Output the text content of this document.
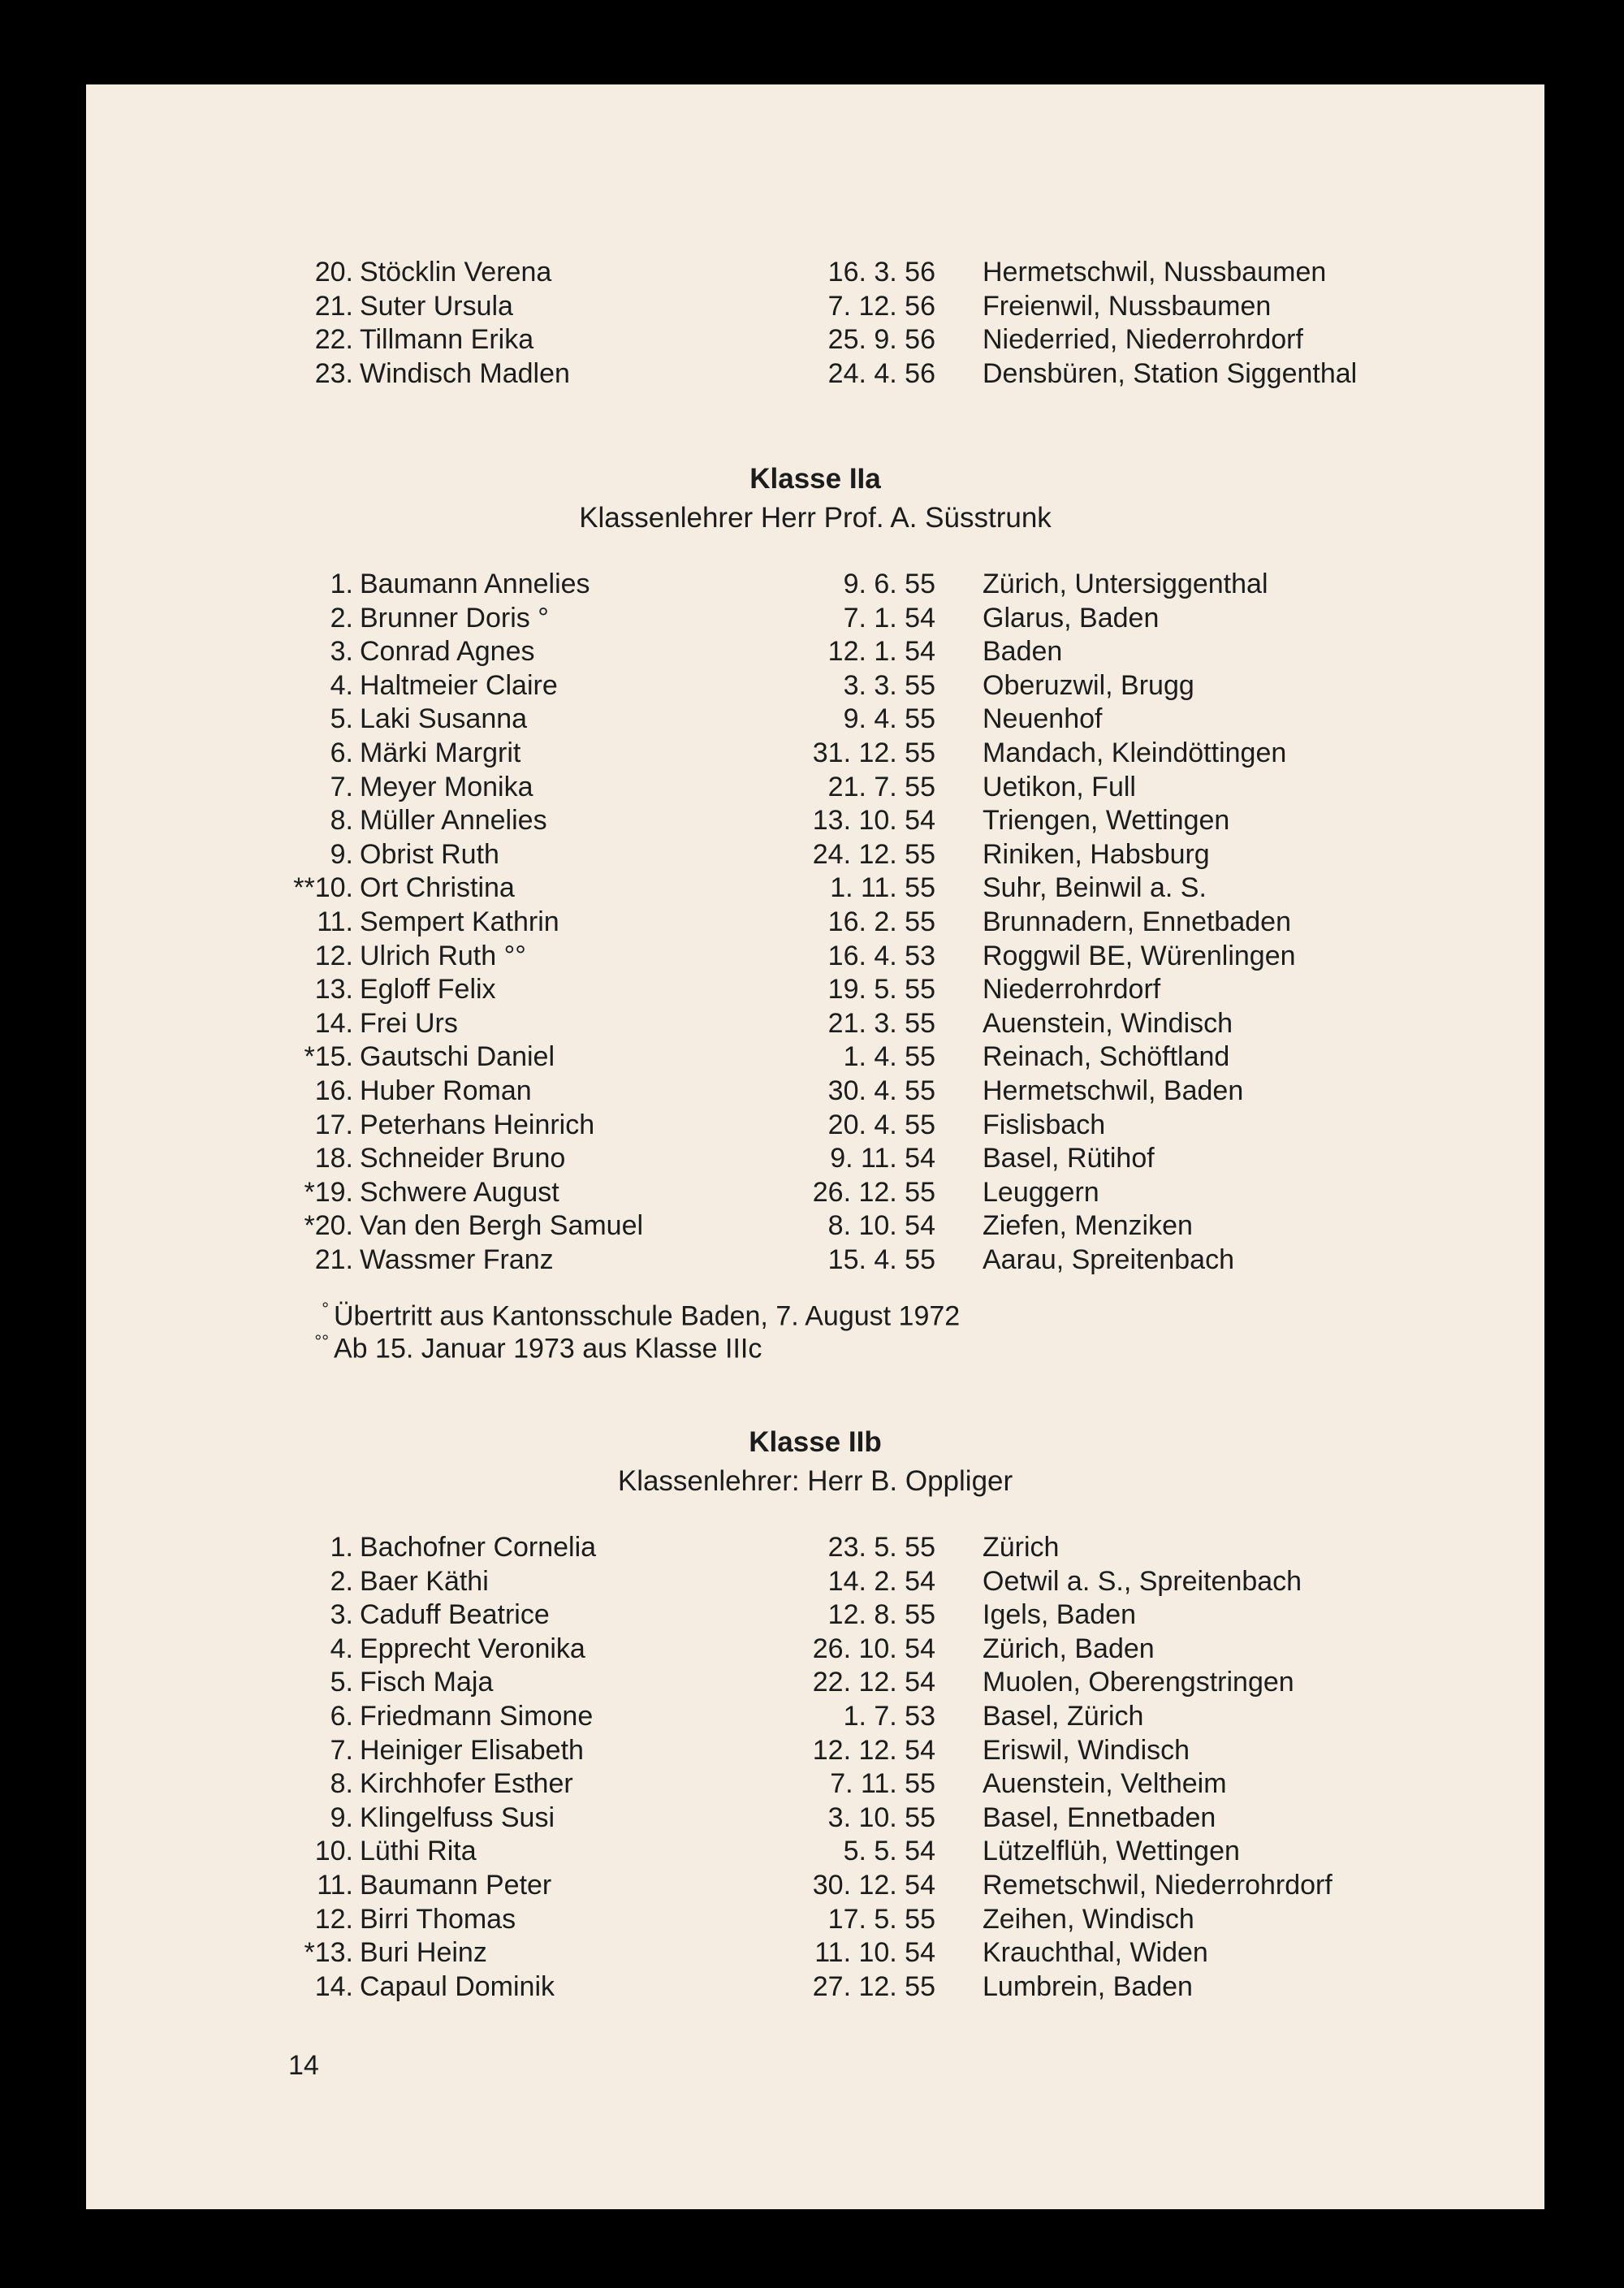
20. Stöcklin Verena	16. 3. 56 Hermetschwil, Nussbaumen
21. Suter Ursula	7. 12. 56 Freienwil, Nussbaumen
22. Tillmann Erika	25. 9. 56 Niederried, Niederrohrdorf
23. Windisch Madlen	24. 4. 56 Densbüren, Station Siggenthal
Klasse IIa
Klassenlehrer Herr Prof. A. Süsstrunk
1. Baumann Annelies	9. 6. 55 Zürich, Untersiggenthal
2. Brunner Doris °	7. 1. 54 Glarus, Baden
3. Conrad Agnes	12. 1. 54 Baden
4. Haltmeier Claire	3. 3. 55 Oberuzwil, Brugg
5. Laki Susanna	9. 4. 55 Neuenhof
6. Märki Margrit	31. 12. 55 Mandach, Kleindöttingen
7. Meyer Monika	21. 7. 55 Uetikon, Full
8. Müller Annelies	13. 10. 54 Triengen, Wettingen
9. Obrist Ruth	24. 12. 55 Riniken, Habsburg
**10. Ort Christina	1. 11. 55 Suhr, Beinwil a. S.
11. Sempert Kathrin	16. 2. 55 Brunnadern, Ennetbaden
12. Ulrich Ruth °°	16. 4. 53 Roggwil BE, Würenlingen
13. Egloff Felix	19. 5. 55 Niederrohrdorf
14. Frei Urs	21. 3. 55 Auenstein, Windisch
*15. Gautschi Daniel	1. 4. 55 Reinach, Schöftland
16. Huber Roman	30. 4. 55 Hermetschwil, Baden
17. Peterhans Heinrich	20. 4. 55 Fislisbach
18. Schneider Bruno	9. 11. 54 Basel, Rütihof
*19. Schwere August	26. 12. 55 Leuggern
*20. Van den Bergh Samuel	8. 10. 54 Ziefen, Menziken
21. Wassmer Franz	15. 4. 55 Aarau, Spreitenbach
° Übertritt aus Kantonsschule Baden, 7. August 1972
°° Ab 15. Januar 1973 aus Klasse IIIc
Klasse IIb
Klassenlehrer: Herr B. Oppliger
1. Bachofner Cornelia	23. 5. 55 Zürich
2. Baer Käthi	14. 2. 54 Oetwil a. S., Spreitenbach
3. Caduff Beatrice	12. 8. 55 Igels, Baden
4. Epprecht Veronika	26. 10. 54 Zürich, Baden
5. Fisch Maja	22. 12. 54 Muolen, Oberengstringen
6. Friedmann Simone	1. 7. 53 Basel, Zürich
7. Heiniger Elisabeth	12. 12. 54 Eriswil, Windisch
8. Kirchhofer Esther	7. 11. 55 Auenstein, Veltheim
9. Klingelfuss Susi	3. 10. 55 Basel, Ennetbaden
10. Lüthi Rita	5. 5. 54 Lützelflüh, Wettingen
11. Baumann Peter	30. 12. 54 Remetschwil, Niederrohrdorf
12. Birri Thomas	17. 5. 55 Zeihen, Windisch
*13. Buri Heinz	11. 10. 54 Krauchthal, Widen
14. Capaul Dominik	27. 12. 55 Lumbrein, Baden
14
